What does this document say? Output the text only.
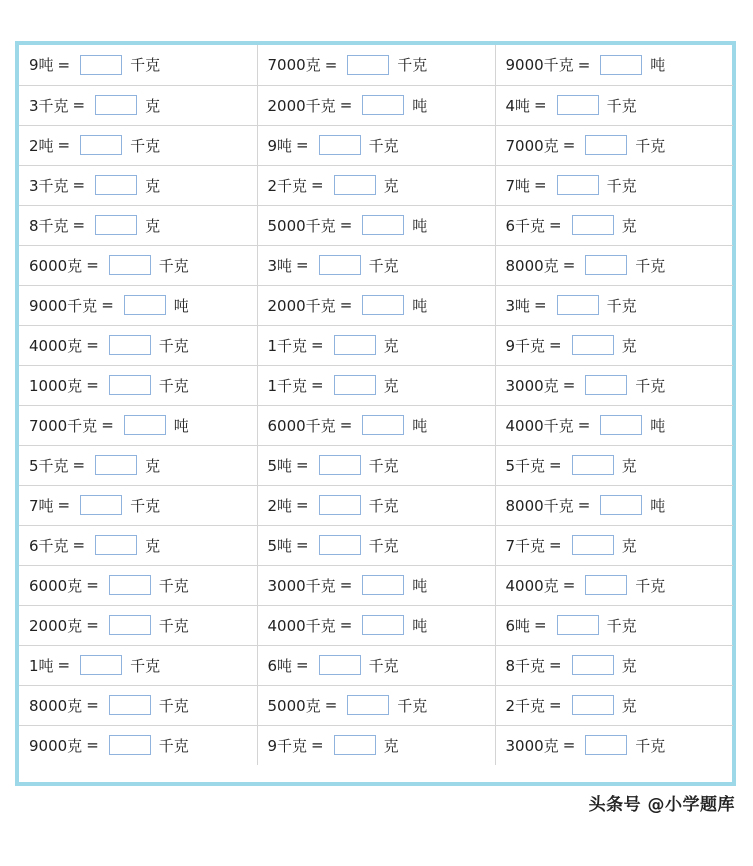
9吨 = 千克	7000克 = 千克	9000千克 = 吨
3千克 = 克	2000千克 = 吨	4吨 = 千克
2吨 = 千克	9吨 = 千克	7000克 = 千克
3千克 = 克	2千克 = 克	7吨 = 千克
8千克 = 克	5000千克 = 吨	6千克 = 克
6000克 = 千克	3吨 = 千克	8000克 = 千克
9000千克 = 吨	2000千克 = 吨	3吨 = 千克
4000克 = 千克	1千克 = 克	9千克 = 克
1000克 = 千克	1千克 = 克	3000克 = 千克
7000千克 = 吨	6000千克 = 吨	4000千克 = 吨
5千克 = 克	5吨 = 千克	5千克 = 克
7吨 = 千克	2吨 = 千克	8000千克 = 吨
6千克 = 克	5吨 = 千克	7千克 = 克
6000克 = 千克	3000千克 = 吨	4000克 = 千克
2000克 = 千克	4000千克 = 吨	6吨 = 千克
1吨 = 千克	6吨 = 千克	8千克 = 克
8000克 = 千克	5000克 = 千克	2千克 = 克
9000克 = 千克	9千克 = 克	3000克 = 千克
头条号 @小学题库
